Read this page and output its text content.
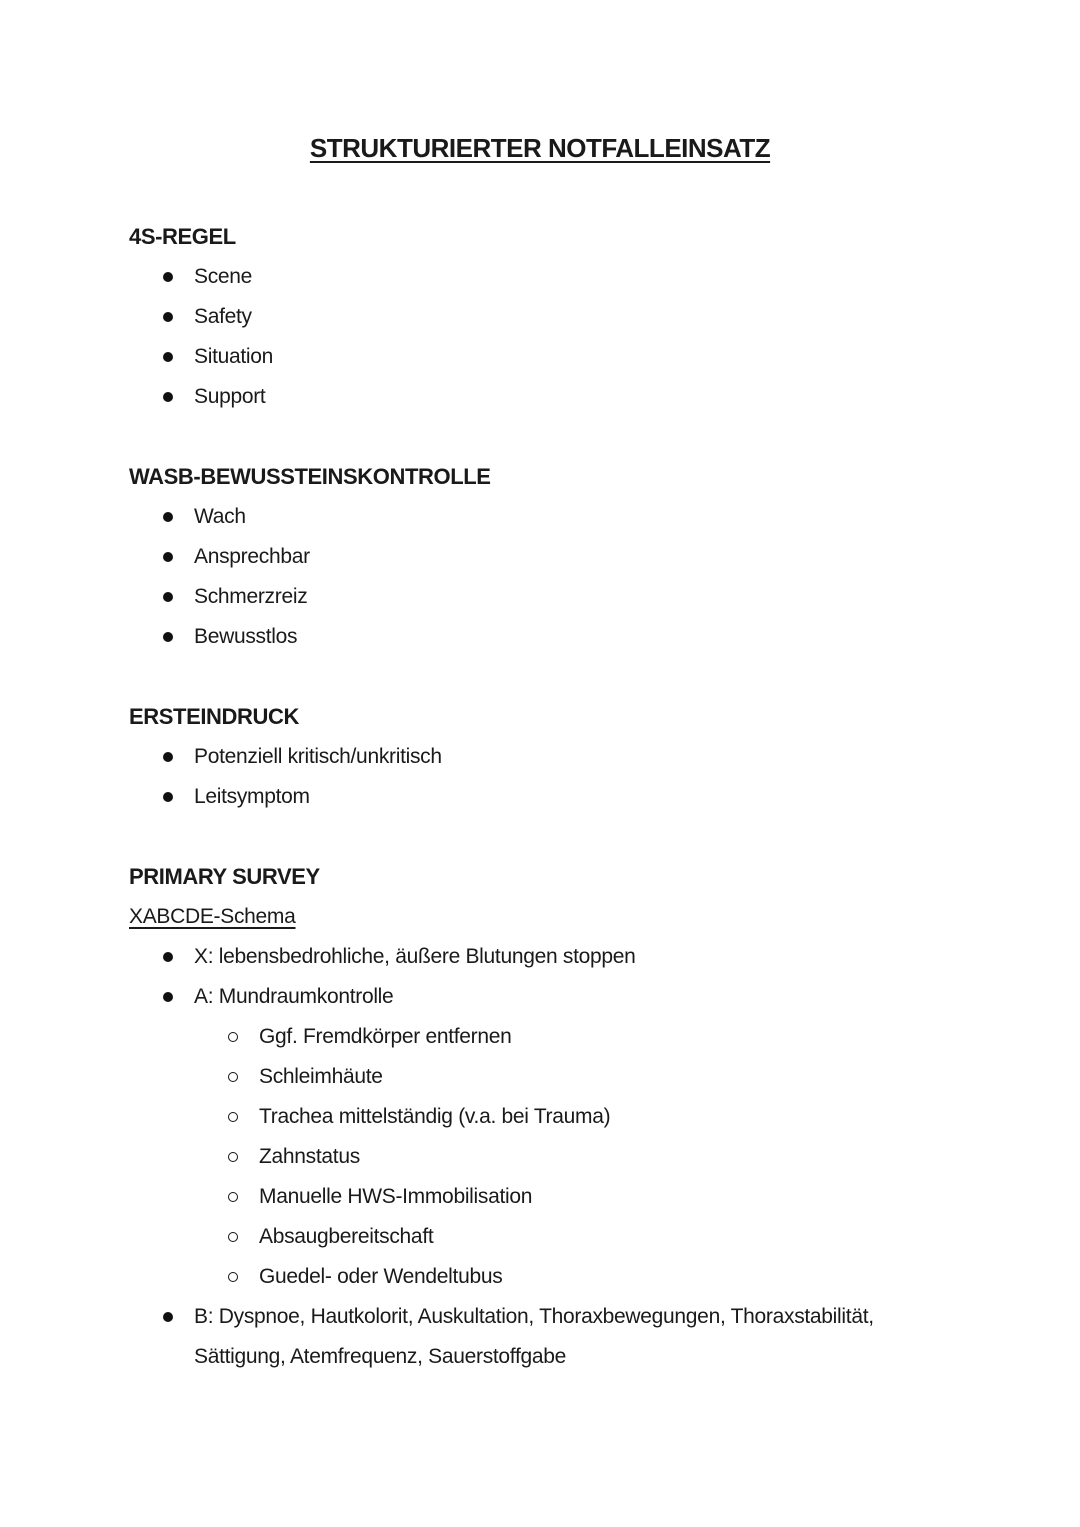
STRUKTURIERTER NOTFALLEINSATZ
4S-REGEL
Scene
Safety
Situation
Support
WASB-BEWUSSTEINSKONTROLLE
Wach
Ansprechbar
Schmerzreiz
Bewusstlos
ERSTEINDRUCK
Potenziell kritisch/unkritisch
Leitsymptom
PRIMARY SURVEY
XABCDE-Schema
X: lebensbedrohliche, äußere Blutungen stoppen
A: Mundraumkontrolle
Ggf. Fremdkörper entfernen
Schleimhäute
Trachea mittelständig (v.a. bei Trauma)
Zahnstatus
Manuelle HWS-Immobilisation
Absaugbereitschaft
Guedel- oder Wendeltubus
B: Dyspnoe, Hautkolorit, Auskultation, Thoraxbewegungen, Thoraxstabilität, Sättigung, Atemfrequenz, Sauerstoffgabe
